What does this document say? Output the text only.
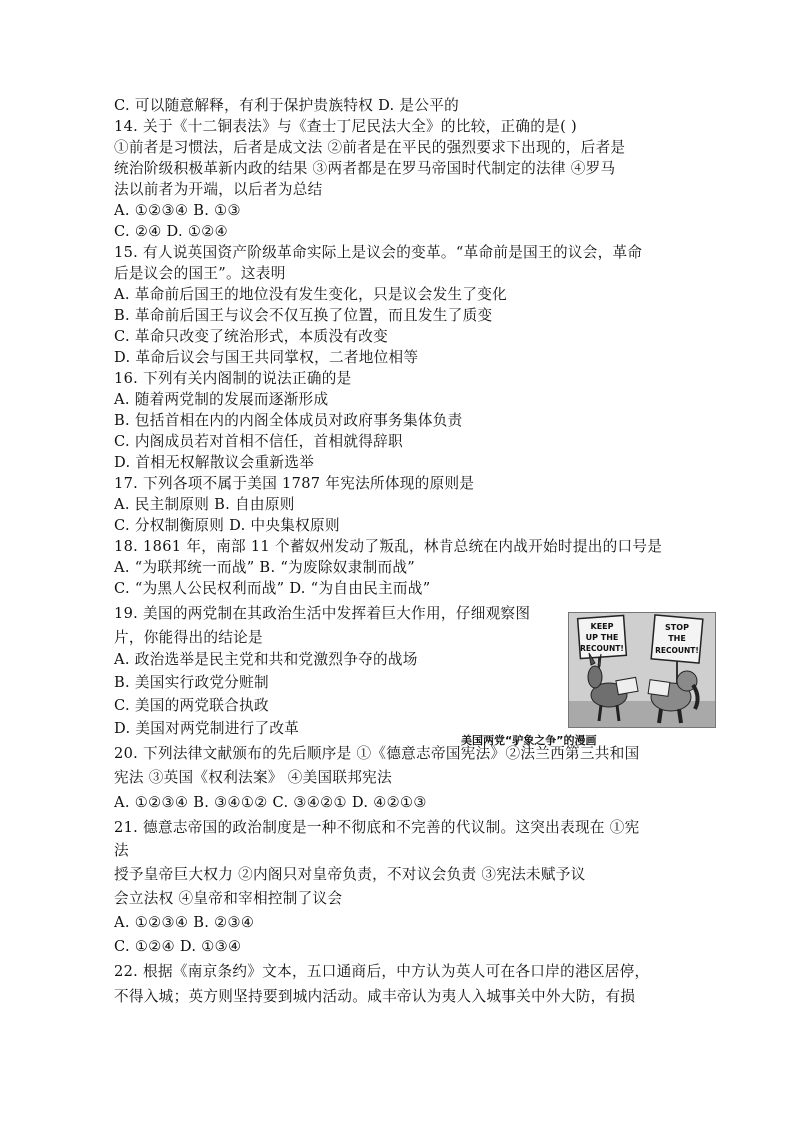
C. 可以随意解释，有利于保护贵族特权 D. 是公平的
14. 关于《十二铜表法》与《查士丁尼民法大全》的比较，正确的是( )
①前者是习惯法，后者是成文法 ②前者是在平民的强烈要求下出现的，后者是
统治阶级积极革新内政的结果 ③两者都是在罗马帝国时代制定的法律 ④罗马
法以前者为开端，以后者为总结
A. ①②③④ B. ①③
C. ②④ D. ①②④
15. 有人说英国资产阶级革命实际上是议会的变革。“革命前是国王的议会，革命
后是议会的国王”。这表明
A. 革命前后国王的地位没有发生变化，只是议会发生了变化
B. 革命前后国王与议会不仅互换了位置，而且发生了质变
C. 革命只改变了统治形式，本质没有改变
D. 革命后议会与国王共同掌权，二者地位相等
16. 下列有关内阁制的说法正确的是
A. 随着两党制的发展而逐渐形成
B. 包括首相在内的内阁全体成员对政府事务集体负责
C. 内阁成员若对首相不信任，首相就得辞职
D. 首相无权解散议会重新选举
17. 下列各项不属于美国 1787 年宪法所体现的原则是
A. 民主制原则 B. 自由原则
C. 分权制衡原则 D. 中央集权原则
18. 1861 年，南部 11 个蓄奴州发动了叛乱，林肯总统在内战开始时提出的口号是
A. “为联邦统一而战” B. “为废除奴隶制而战”
C. “为黑人公民权利而战” D. “为自由民主而战”
19. 美国的两党制在其政治生活中发挥着巨大作用，仔细观察图
片，你能得出的结论是
A. 政治选举是民主党和共和党激烈争夺的战场
B. 美国实行政党分赃制
C. 美国的两党联合执政
D. 美国对两党制进行了改革
20. 下列法律文献颁布的先后顺序是 ①《德意志帝国宪法》②法兰西第三共和国
宪法 ③英国《权利法案》 ④美国联邦宪法
A. ①②③④ B. ③④①② C. ③④②① D. ④②①③
21. 德意志帝国的政治制度是一种不彻底和不完善的代议制。这突出表现在 ①宪
法
授予皇帝巨大权力 ②内阁只对皇帝负责，不对议会负责 ③宪法未赋予议
会立法权 ④皇帝和宰相控制了议会
A. ①②③④ B. ②③④
C. ①②④ D. ①③④
22. 根据《南京条约》文本，五口通商后，中方认为英人可在各口岸的港区居停，
不得入城；英方则坚持要到城内活动。咸丰帝认为夷人入城事关中外大防，有损
KEEP
UP THE
RECOUNT!
STOP
THE
RECOUNT!
美国两党“驴象之争”的漫画
